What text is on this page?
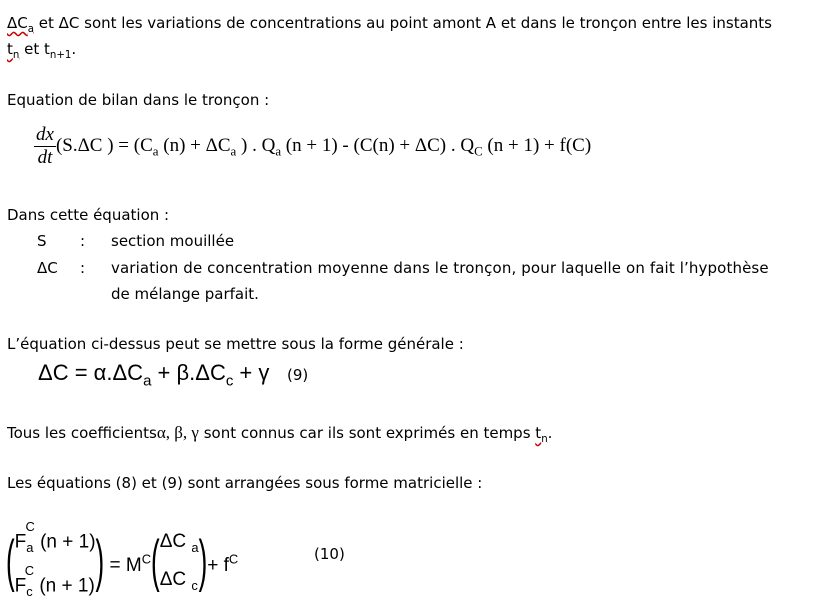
$\Delta C_a$ et ΔC sont les variations de concentrations au point amont A et dans le tronçon entre les instants
$t_n$ et $t_{n+1}$.
Equation de bilan dans le tronçon :
$\frac{dx}{dt} (S.\Delta C$ ) = ($C_a$ $(n) + \Delta C_a$ ) . $Q_a$ (n + 1) - (C(n) + ΔC) . $Q_C$ (n + 1) + f(C)
Dans cette équation :
S : section mouillée
ΔC : variation de concentration moyenne dans le tronçon, pour laquelle on fait l’hypothèse
de mélange parfait.
L’équation ci-dessus peut se mettre sous la forme générale :
$\Delta C = \alpha.\Delta C_a + \beta.\Delta C_c + \gamma$ (9)
Tous les coefficientsα, β, γ sont connus car ils sont exprimés en temps $t_n$.
Les équations (8) et (9) sont arrangées sous forme matricielle :
( $F_a^C$ (n + 1)
$F_c^C$ (n + 1) ) = $M^C$( ΔC $_a$
ΔC $_c$ )+ $f^C$	(10)
